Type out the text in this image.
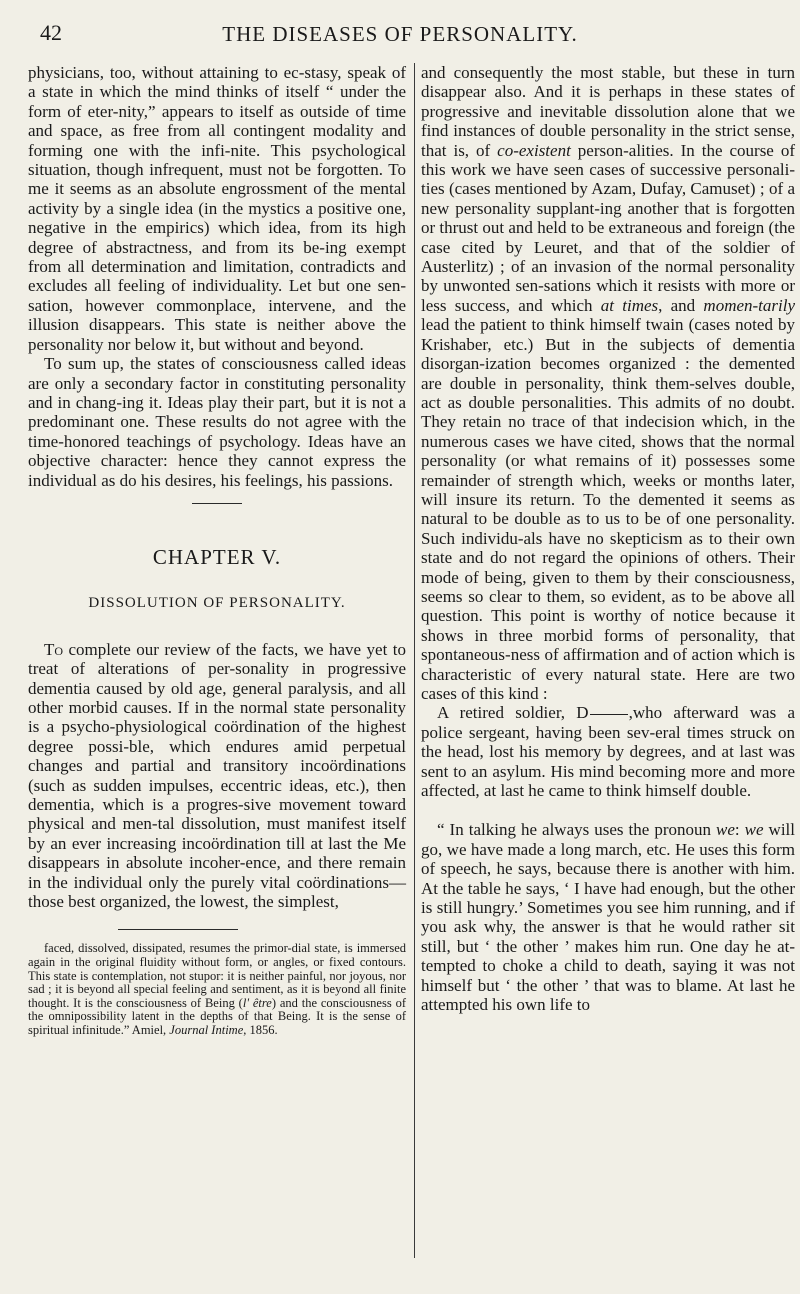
42	THE DISEASES OF PERSONALITY.

physicians, too, without attaining to ec-stasy, speak of a state in which the mind thinks of itself “ under the form of eter-nity,” appears to itself as outside of time and space, as free from all contingent modality and forming one with the infi-nite. This psychological situation, though infrequent, must not be forgotten. To me it seems as an absolute engrossment of the mental activity by a single idea (in the mystics a positive one, negative in the empirics) which idea, from its high degree of abstractness, and from its be-ing exempt from all determination and limitation, contradicts and excludes all feeling of individuality. Let but one sen-sation, however commonplace, intervene, and the illusion disappears. This state is neither above the personality nor below it, but without and beyond.

To sum up, the states of consciousness called ideas are only a secondary factor in constituting personality and in chang-ing it. Ideas play their part, but it is not a predominant one. These results do not agree with the time-honored teachings of psychology. Ideas have an objective character: hence they cannot express the individual as do his desires, his feelings, his passions.

CHAPTER V.
DISSOLUTION OF PERSONALITY.

To complete our review of the facts, we have yet to treat of alterations of per-sonality in progressive dementia caused by old age, general paralysis, and all other morbid causes. If in the normal state personality is a psycho-physiological coördination of the highest degree possi-ble, which endures amid perpetual changes and partial and transitory incoördinations (such as sudden impulses, eccentric ideas, etc.), then dementia, which is a progres-sive movement toward physical and men-tal dissolution, must manifest itself by an ever increasing incoördination till at last the Me disappears in absolute incoher-ence, and there remain in the individual only the purely vital coördinations—those best organized, the lowest, the simplest,

faced, dissolved, dissipated, resumes the primor-dial state, is immersed again in the original fluidity without form, or angles, or fixed contours. This state is contemplation, not stupor: it is neither painful, nor joyous, nor sad ; it is beyond all special feeling and sentiment, as it is beyond all finite thought. It is the consciousness of Being (l' être) and the consciousness of the omnipossibility latent in the depths of that Being. It is the sense of spiritual infinitude.” Amiel, Journal Intime, 1856.

and consequently the most stable, but these in turn disappear also. And it is perhaps in these states of progressive and inevitable dissolution alone that we find instances of double personality in the strict sense, that is, of co-existent person-alities. In the course of this work we have seen cases of successive personali-ties (cases mentioned by Azam, Dufay, Camuset) ; of a new personality supplant-ing another that is forgotten or thrust out and held to be extraneous and foreign (the case cited by Leuret, and that of the soldier of Austerlitz) ; of an invasion of the normal personality by unwonted sen-sations which it resists with more or less success, and which at times, and momen-tarily lead the patient to think himself twain (cases noted by Krishaber, etc.) But in the subjects of dementia disorgan-ization becomes organized : the demented are double in personality, think them-selves double, act as double personalities. This admits of no doubt. They retain no trace of that indecision which, in the numerous cases we have cited, shows that the normal personality (or what remains of it) possesses some remainder of strength which, weeks or months later, will insure its return. To the demented it seems as natural to be double as to us to be of one personality. Such individu-als have no skepticism as to their own state and do not regard the opinions of others. Their mode of being, given to them by their consciousness, seems so clear to them, so evident, as to be above all question. This point is worthy of notice because it shows in three morbid forms of personality, that spontaneous-ness of affirmation and of action which is characteristic of every natural state. Here are two cases of this kind :

A retired soldier, D ,who afterward was a police sergeant, having been sev-eral times struck on the head, lost his memory by degrees, and at last was sent to an asylum. His mind becoming more and more affected, at last he came to think himself double.

“ In talking he always uses the pronoun we: we will go, we have made a long march, etc. He uses this form of speech, he says, because there is another with him. At the table he says, ‘ I have had enough, but the other is still hungry.’ Sometimes you see him running, and if you ask why, the answer is that he would rather sit still, but ‘ the other ’ makes him run. One day he at-tempted to choke a child to death, saying it was not himself but ‘ the other ’ that was to blame. At last he attempted his own life to
